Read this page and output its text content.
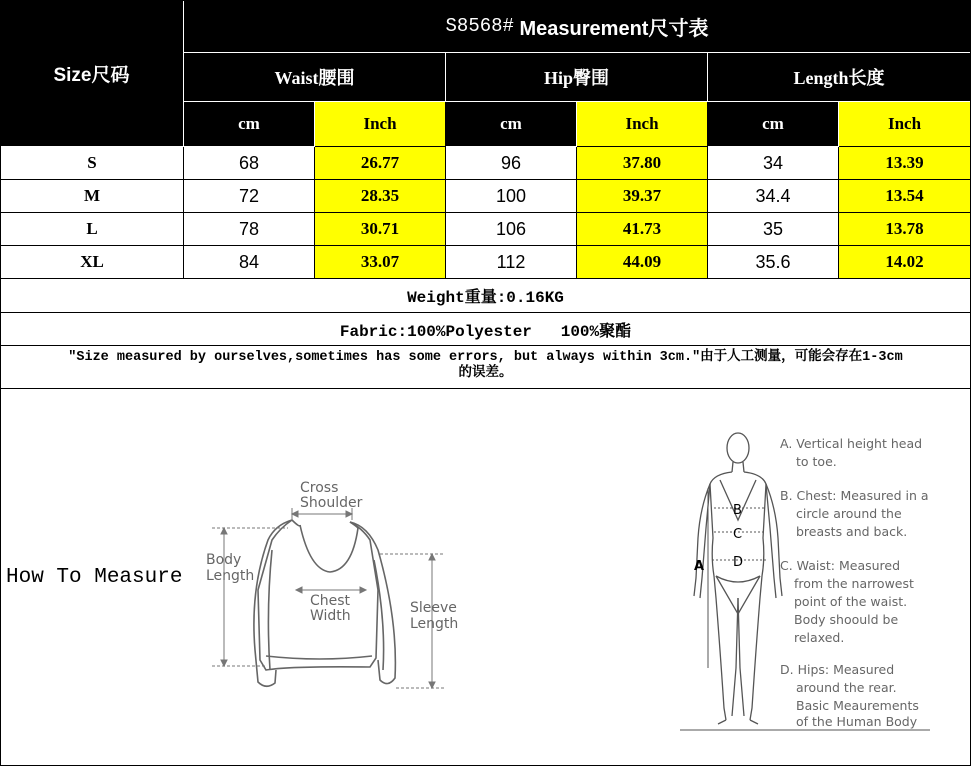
Size尺码
S8568# Measurement尺寸表
Waist腰围	Hip臀围	Length长度
cm	Inch	cm	Inch	cm	Inch
S	68	26.77	96	37.80	34	13.39
M	72	28.35	100	39.37	34.4	13.54
L	78	30.71	106	41.73	35	13.78
XL	84	33.07	112	44.09	35.6	14.02
Weight重量:0.16KG
Fabric:100%Polyester   100%聚酯
"Size measured by ourselves,sometimes has some errors, but always within 3cm."由于人工测量，可能会存在1-3cm
的误差。
How To Measure
Cross
Shoulder
Body
Length
Chest
Width	Sleeve
Length
A
B
C
D
A. Vertical height head
to toe.
B. Chest: Measured in a
circle around the
breasts and back.
C. Waist: Measured
from the narrowest
point of the waist.
Body shoould be
relaxed.
D. Hips: Measured
around the rear.
Basic Meaurements
of the Human Body
